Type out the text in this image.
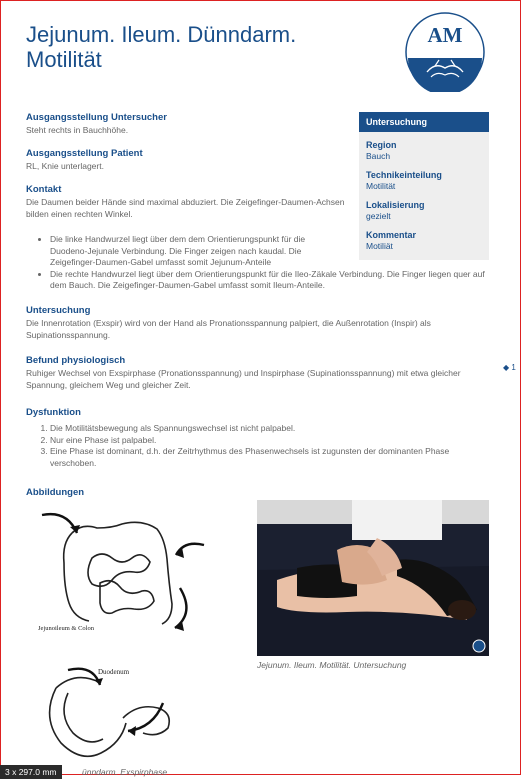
Jejunum. Ileum. Dünndarm.
Motilität
AM

Ausgangsstellung Untersucher

Steht rechts in Bauchhöhe.

Ausgangsstellung Patient

RL, Knie unterlagert.

Kontakt

Die Daumen beider Hände sind maximal abduziert. Die Zeigefinger-Daumen-Achsen bilden einen rechten Winkel.

• Die linke Handwurzel liegt über dem dem Orientierungspunkt für die Duodeno-Jejunale Verbindung. Die Finger zeigen nach kaudal. Die Zeigefinger-Daumen-Gabel umfasst somit Jejunum-Anteile
• Die rechte Handwurzel liegt über dem Orientierungspunkt für die Ileo-Zäkale Verbindung. Die Finger liegen quer auf dem Bauch. Die Zeigefinger-Daumen-Gabel umfasst somit Ileum-Anteile.

Untersuchung

Die Innenrotation (Exspir) wird von der Hand als Pronationsspannung palpiert, die Außenrotation (Inspir) als Supinationsspannung.

Befund physiologisch

Ruhiger Wechsel von Exspirphase (Pronationsspannung) und Inspirphase (Supinationsspannung) mit etwa gleicher Spannung, gleichem Weg und gleicher Zeit.

Dysfunktion

1. Die Motilitätsbewegung als Spannungswechsel ist nicht palpabel.
2. Nur eine Phase ist palpabel.
3. Eine Phase ist dominant, d.h. der Zeitrhythmus des Phasenwechsels ist zugunsten der dominanten Phase verschoben.

Abbildungen

Untersuchung
Region
Bauch
Technikeinteilung
Motilität
Lokalisierung
gezielt
Kommentar
Motiliät
◆ 1
Jejunoileum & Colon
Duodenum
Jejunum. Ileum. Motilität. Untersuchung
ünndarm. Exspirphase
3 x 297.0 mm
